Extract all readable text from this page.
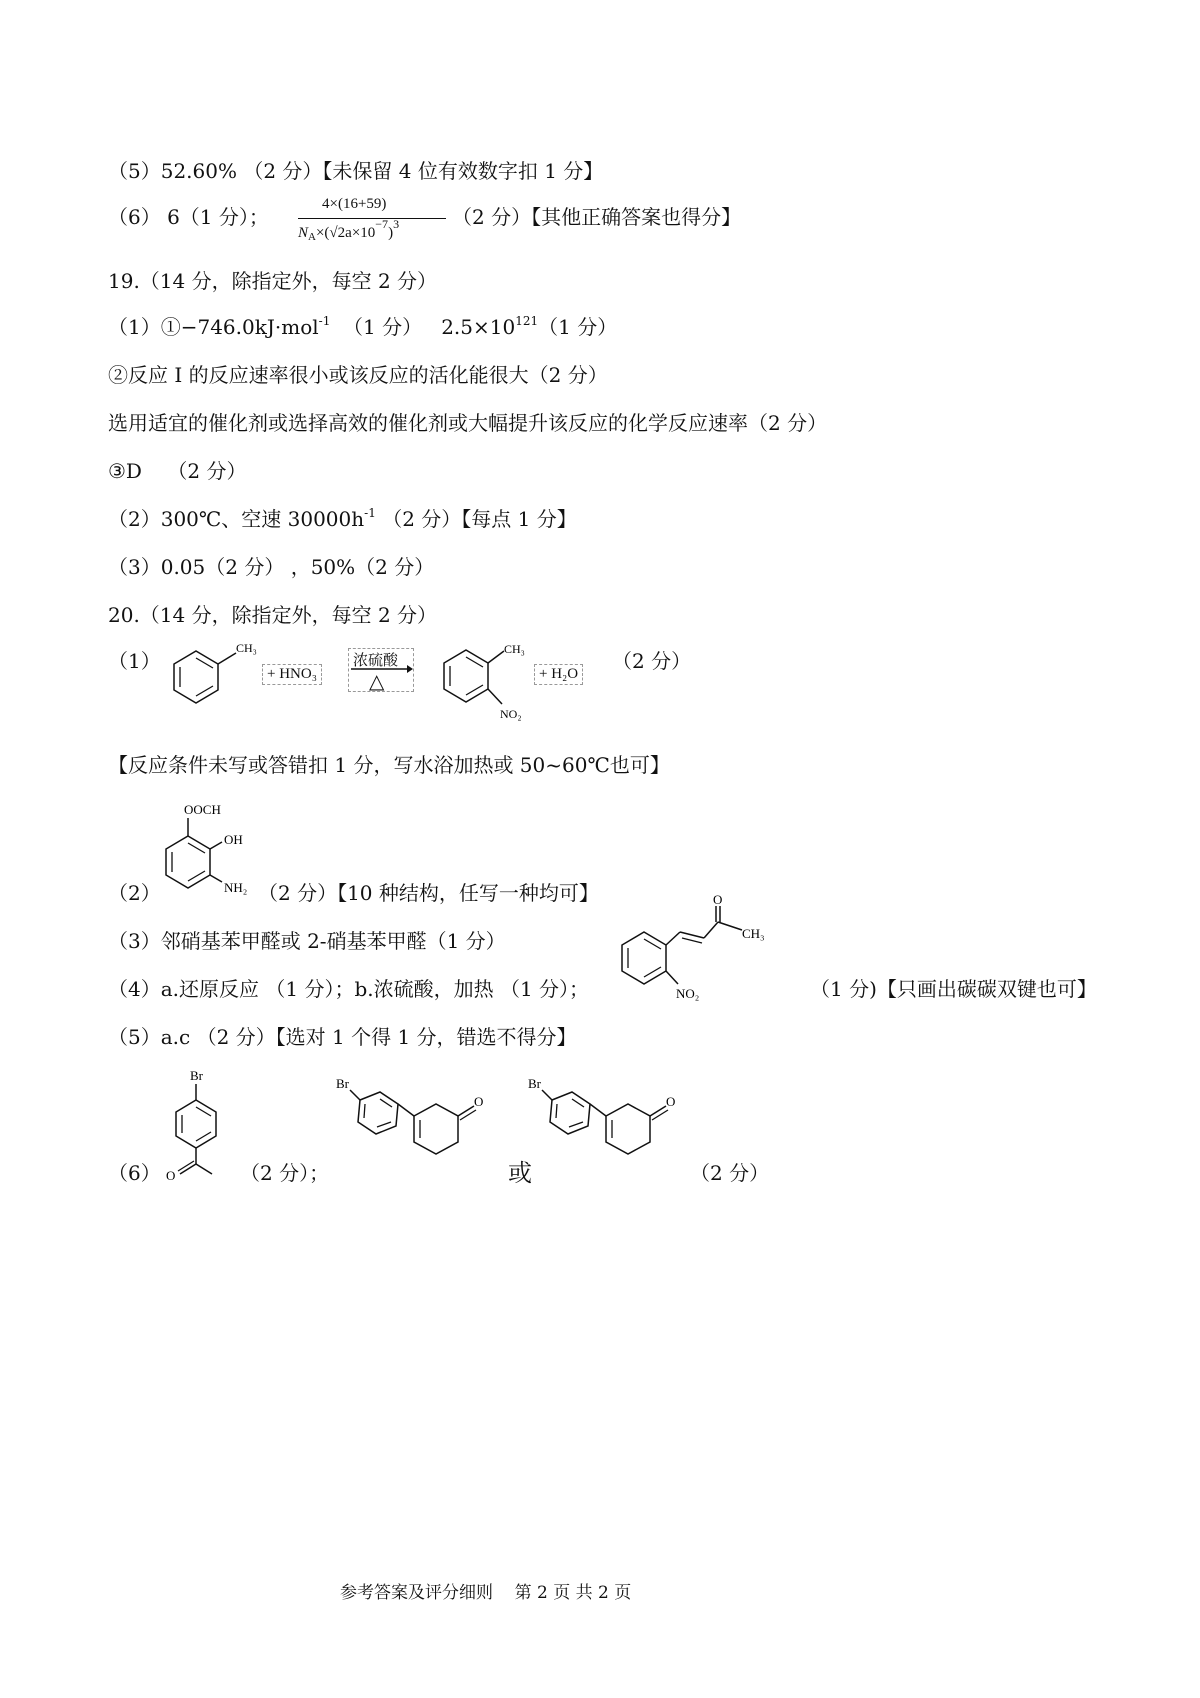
（5）52.60% （2 分）【未保留 4 位有效数字扣 1 分】
（6） 6（1 分）；
4×(16+59)
$N_A\times(√2a\times 10^{-7})^3$	（2 分）【其他正确答案也得分】
19.（14 分，除指定外，每空 2 分）
（1）①−746.0kJ·mol$^{-1}$  （1 分）   $2.5\times 10^{121}(1$ 分）
②反应 I 的反应速率很小或该反应的活化能很大（2 分）
选用适宜的催化剂或选择高效的催化剂或大幅提升该反应的化学反应速率（2 分）
③D    （2 分）
（2）300℃、空速 $30000h^{-1}$ （2 分）【每点 1 分】
（3）0.05（2 分） ，50%（2 分）
20.（14 分，除指定外，每空 2 分）
（1）
CH₃
+ HNO₃
浓硫酸
△
CH₃
NO₂
+ H₂O
（2 分）
【反应条件未写或答错扣 1 分，写水浴加热或 50~60℃也可】
OOCH
OH
NH₂
（2）	（2 分）【10 种结构，任写一种均可】
（3）邻硝基苯甲醛或 2-硝基苯甲醛（1 分）
O
CH₃
NO₂
（4）a.还原反应 （1 分）；b.浓硫酸，加热 （1 分）；	（1 分)【只画出碳碳双键也可】
（5）a.c （2 分）【选对 1 个得 1 分，错选不得分】
（6）
Br
O	（2 分）；
Br
O
或
Br
O
（2 分）
参考答案及评分细则    第 2 页 共 2 页
